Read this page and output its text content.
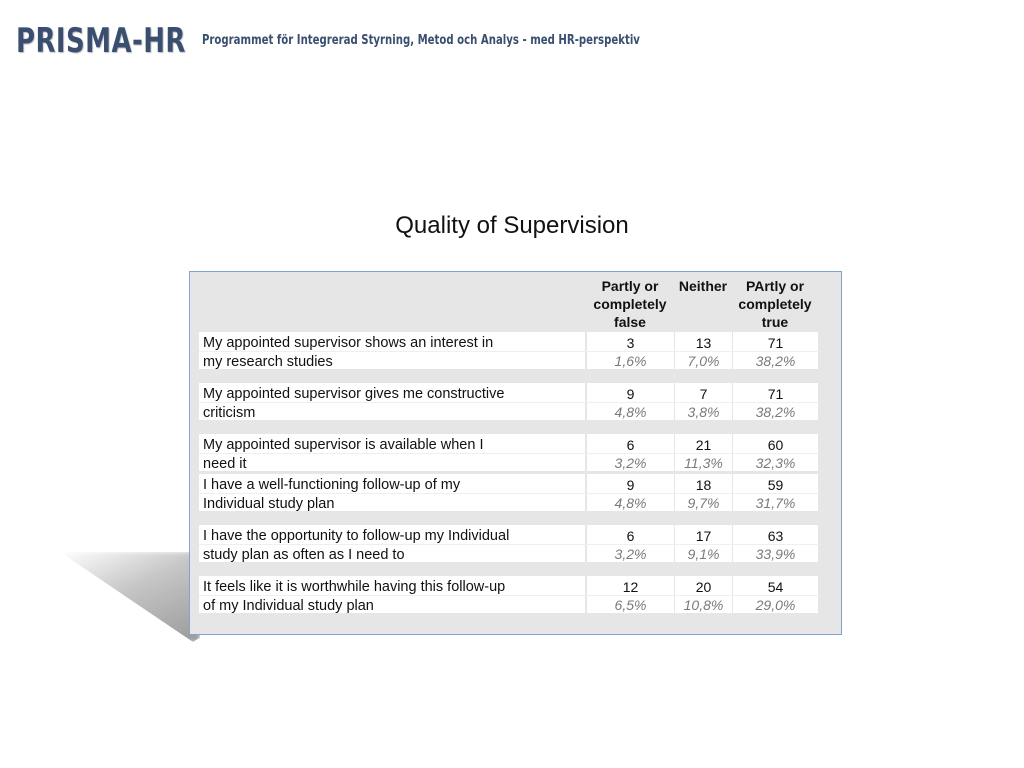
PRISMA-HR Programmet för Integrerad Styrning, Metod och Analys - med HR-perspektiv
Quality of Supervision
Partly or
completely
false
Neither	PArtly or
completely
true
My appointed supervisor shows an interest in
my research studies
3
1,6%
13
7,0%
71
38,2%
My appointed supervisor gives me constructive
criticism
9
4,8%
7
3,8%
71
38,2%
My appointed supervisor is available when I
need it
6
3,2%
21
11,3%
60
32,3%
I have a well-functioning follow-up of my
Individual study plan
9
4,8%
18
9,7%
59
31,7%
I have the opportunity to follow-up my Individual
study plan as often as I need to
6
3,2%
17
9,1%
63
33,9%
It feels like it is worthwhile having this follow-up
of my Individual study plan
12
6,5%
20
10,8%
54
29,0%
